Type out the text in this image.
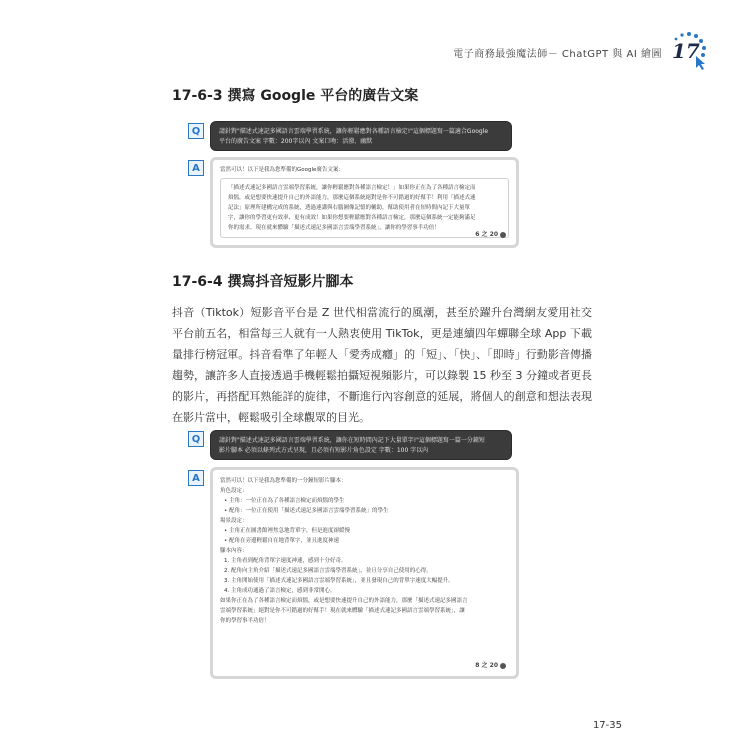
電子商務最強魔法師－ ChatGPT 與 AI 繪圖 17
17-6-3 撰寫 Google 平台的廣告文案
Q	請針對"描述式速記多國語言雲端學習系統，讓你輕鬆應對各種語言檢定!"這個標題寫一篇適合Google
平台的廣告文案 字數：200字以內 文案口吻：活潑、幽默
A	當然可以！以下是我為您準備的Google廣告文案：
「描述式速記多國語言雲端學習系統，讓你輕鬆應對各種語言檢定！」如果你正在為了各種語言檢定而
煩惱，或是想要快速提升自己的外語能力，那麼這個系統絕對是你不可錯過的好幫手！利用「描述式速
記法」原理所建構完成的系統，透過連講與右腦圖像記憶的輔助，幫助使用者在短時間內記下大量單
字，讓你的學習更有效率、更有成效！如果你想要輕鬆應對各種語言檢定，那麼這個系統一定能夠滿足
你的需求。現在就來體驗「描述式速記多國語言雲端學習系統」，讓你的學習事半功倍！
6 之 20
17-6-4 撰寫抖音短影片腳本

抖音（Tiktok）短影音平台是 Z 世代相當流行的風潮，甚至於躍升台灣網友愛用社交平台前五名，相當每三人就有一人熱衷使用 TikTok，更是連續四年蟬聯全球 App 下載量排行榜冠軍。抖音看準了年輕人「愛秀成癮」的「短」、「快」、「即時」行動影音傳播趨勢，讓許多人直接透過手機輕鬆拍攝短視頻影片，可以錄製 15 秒至 3 分鐘或者更長的影片，再搭配耳熟能詳的旋律，不斷進行內容創意的延展，將個人的創意和想法表現在影片當中，輕鬆吸引全球觀眾的目光。

Q	請針對"描述式速記多國語言雲端學習系統，讓你在短時間內記下大量單字!"這個標題寫一篇一分鐘短
影片腳本 必須以條列式方式呈現，且必須有短影片角色設定 字數：100 字以內
A	當然可以！以下是我為您準備的一分鐘短影片腳本：
角色設定：
• 主角：一位正在為了各種語言檢定而煩惱的學生
• 配角：一位正在使用「描述式速記多國語言雲端學習系統」的學生
場景設定：
• 主角正在圖書館裡焦急地背單字，但是進度卻緩慢
• 配角在旁邊輕鬆自在地背單字，並且進度神速
腳本內容：
1. 主角看到配角背單字速度神速，感到十分好奇。
2. 配角向主角介紹「描述式速記多國語言雲端學習系統」，並且分享自己使用的心得。
3. 主角開始使用「描述式速記多國語言雲端學習系統」，並且發現自己的背單字速度大幅提升。
4. 主角成功通過了語言檢定，感到非常開心。
如果你正在為了各種語言檢定而煩惱，或是想要快速提升自己的外語能力，那麼「描述式速記多國語言
雲端學習系統」絕對是你不可錯過的好幫手！現在就來體驗「描述式速記多國語言雲端學習系統」，讓
你的學習事半功倍！
8 之 20
17-35
